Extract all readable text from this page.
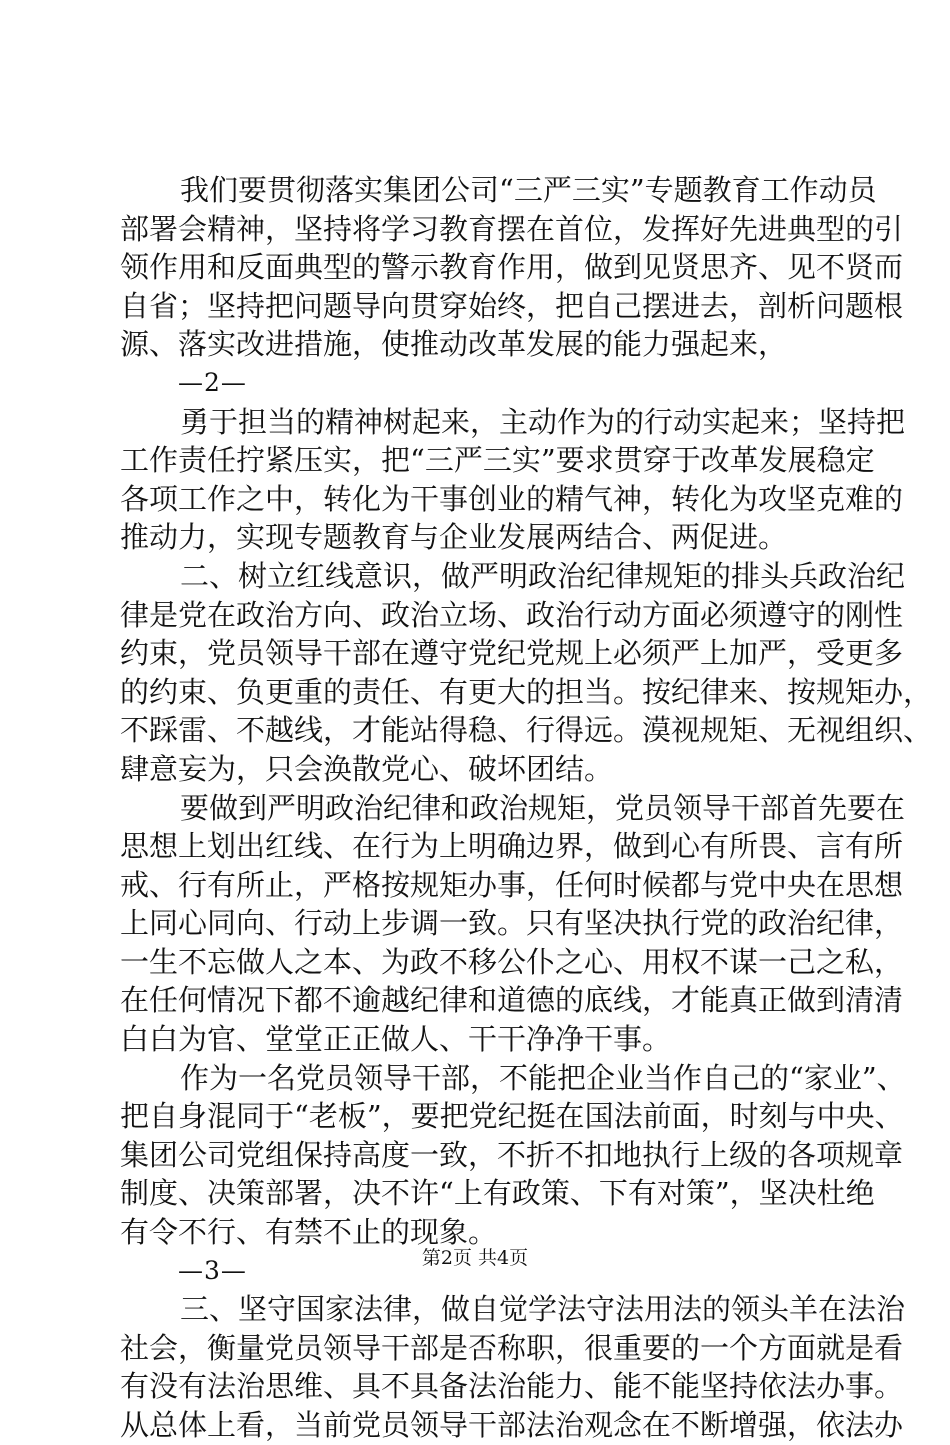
我们要贯彻落实集团公司“三严三实”专题教育工作动员
部署会精神，坚持将学习教育摆在首位，发挥好先进典型的引
领作用和反面典型的警示教育作用，做到见贤思齐、见不贤而
自省；坚持把问题导向贯穿始终，把自己摆进去，剖析问题根
源、落实改进措施，使推动改革发展的能力强起来，
—2—
勇于担当的精神树起来，主动作为的行动实起来；坚持把
工作责任拧紧压实，把“三严三实”要求贯穿于改革发展稳定
各项工作之中，转化为干事创业的精气神，转化为攻坚克难的
推动力，实现专题教育与企业发展两结合、两促进。
二、树立红线意识，做严明政治纪律规矩的排头兵政治纪
律是党在政治方向、政治立场、政治行动方面必须遵守的刚性
约束，党员领导干部在遵守党纪党规上必须严上加严，受更多
的约束、负更重的责任、有更大的担当。按纪律来、按规矩办，
不踩雷、不越线，才能站得稳、行得远。漠视规矩、无视组织、
肆意妄为，只会涣散党心、破坏团结。
要做到严明政治纪律和政治规矩，党员领导干部首先要在
思想上划出红线、在行为上明确边界，做到心有所畏、言有所
戒、行有所止，严格按规矩办事，任何时候都与党中央在思想
上同心同向、行动上步调一致。只有坚决执行党的政治纪律，
一生不忘做人之本、为政不移公仆之心、用权不谋一己之私，
在任何情况下都不逾越纪律和道德的底线，才能真正做到清清
白白为官、堂堂正正做人、干干净净干事。
作为一名党员领导干部，不能把企业当作自己的“家业”、
把自身混同于“老板”，要把党纪挺在国法前面，时刻与中央、
集团公司党组保持高度一致，不折不扣地执行上级的各项规章
制度、决策部署，决不许“上有政策、下有对策”，坚决杜绝
有令不行、有禁不止的现象。
—3—
三、坚守国家法律，做自觉学法守法用法的领头羊在法治
社会，衡量党员领导干部是否称职，很重要的一个方面就是看
有没有法治思维、具不具备法治能力、能不能坚持依法办事。
从总体上看，当前党员领导干部法治观念在不断增强，依法办
第2页 共4页
